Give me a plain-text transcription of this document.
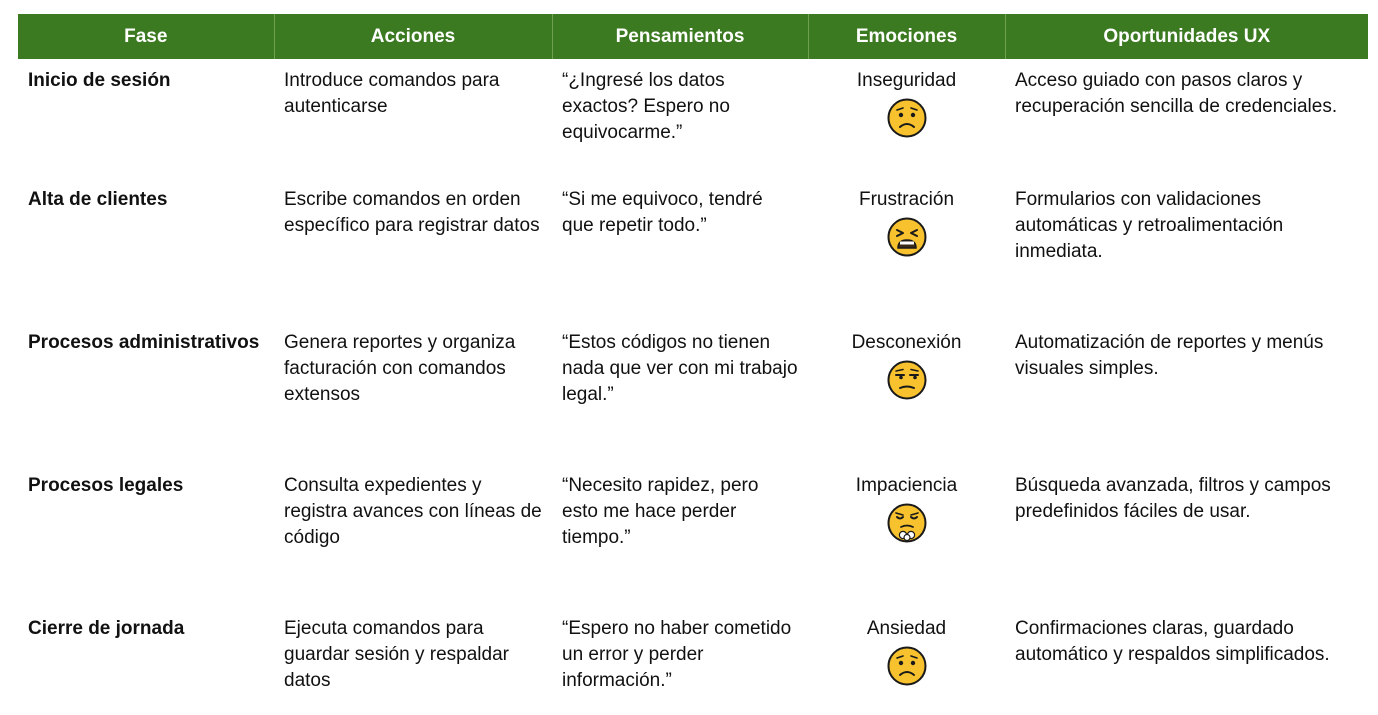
Fase	Acciones	Pensamientos	Emociones	Oportunidades UX
Inicio de sesión	Introduce comandos para autenticarse	“¿Ingresé los datos exactos? Espero no equivocarme.”	Inseguridad	Acceso guiado con pasos claros y recuperación sencilla de credenciales.
Alta de clientes	Escribe comandos en orden específico para registrar datos	“Si me equivoco, tendré que repetir todo.”	Frustración	Formularios con validaciones automáticas y retroalimentación inmediata.
Procesos administrativos	Genera reportes y organiza facturación con comandos extensos	“Estos códigos no tienen nada que ver con mi trabajo legal.”	Desconexión	Automatización de reportes y menús visuales simples.
Procesos legales	Consulta expedientes y registra avances con líneas de código	“Necesito rapidez, pero esto me hace perder tiempo.”	Impaciencia	Búsqueda avanzada, filtros y campos predefinidos fáciles de usar.
Cierre de jornada	Ejecuta comandos para guardar sesión y respaldar datos	“Espero no haber cometido un error y perder información.”	Ansiedad	Confirmaciones claras, guardado automático y respaldos simplificados.
